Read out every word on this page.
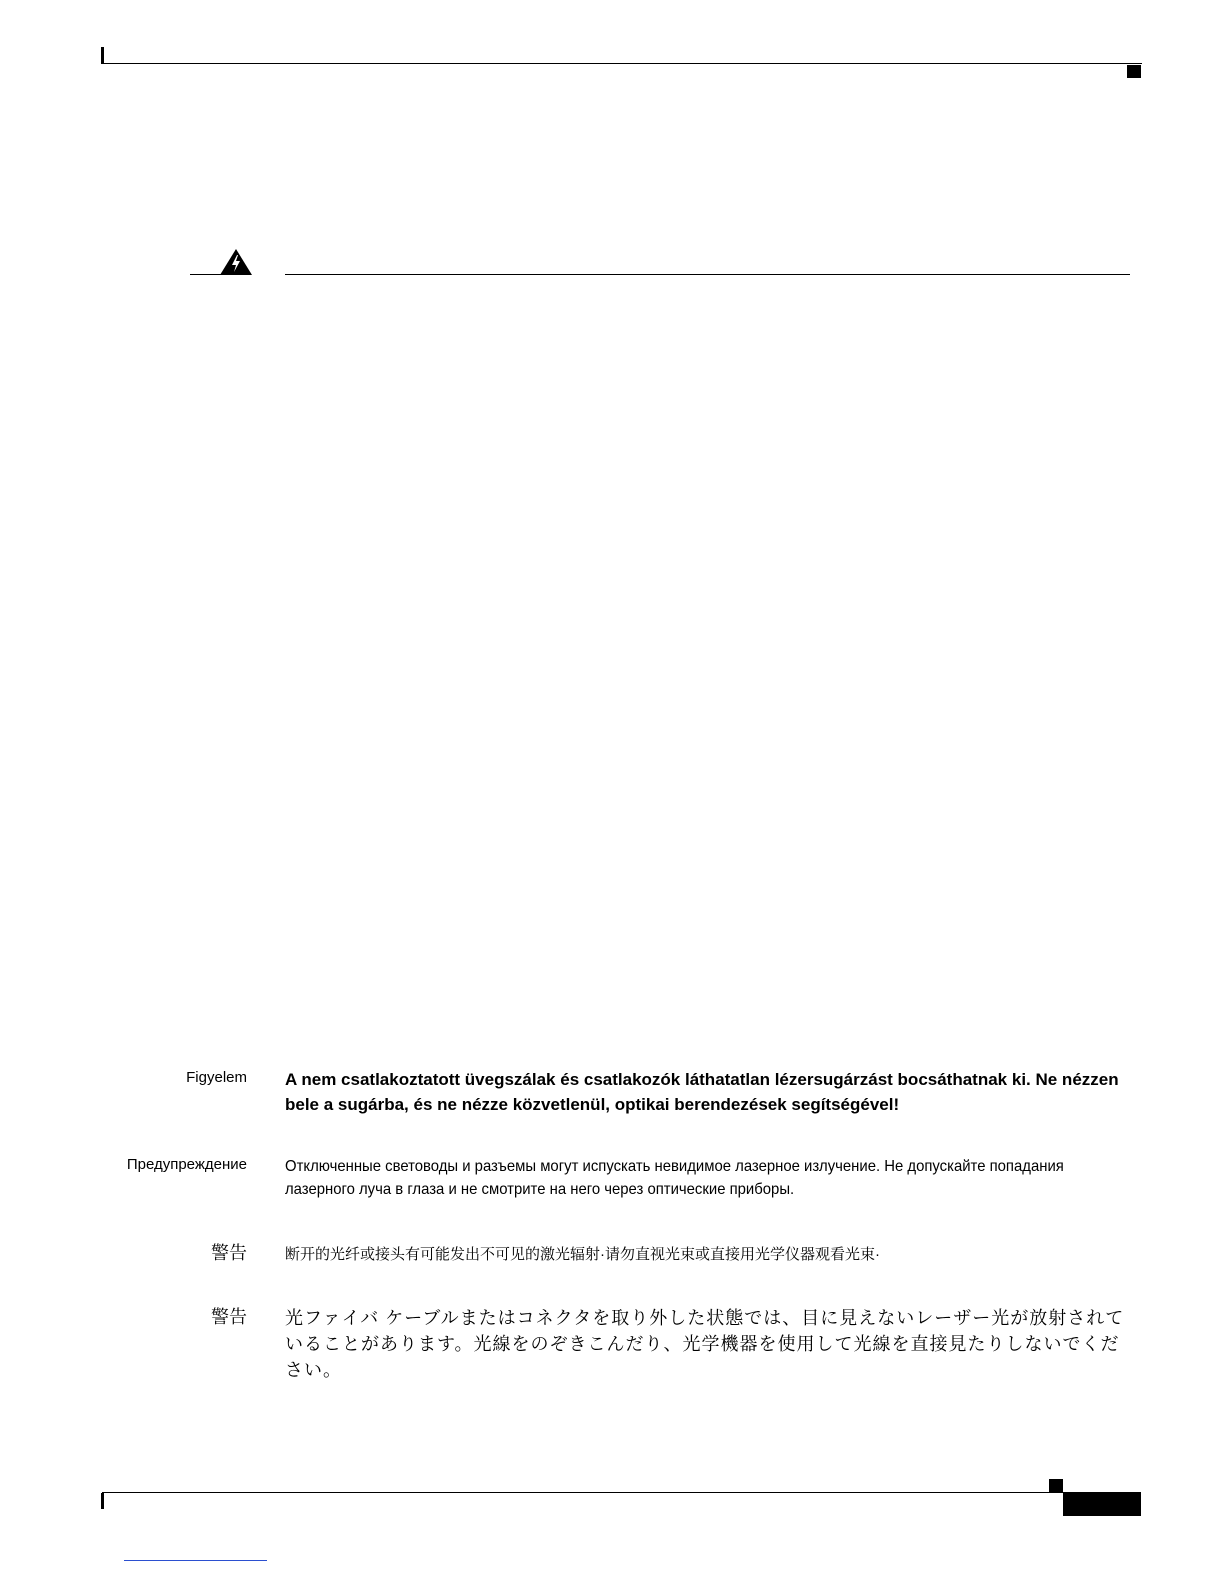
Figyelem A nem csatlakoztatott üvegszálak és csatlakozók láthatatlan lézersugárzást bocsáthatnak ki. Ne nézzen bele a sugárba, és ne nézze közvetlenül, optikai berendezések segítségével!
Предупреждение Отключенные световоды и разъемы могут испускать невидимое лазерное излучение. Не допускайте попадания лазерного луча в глаза и не смотрите на него через оптические приборы.
警告	断开的光纤或接头有可能发出不可见的激光辐射·请勿直视光束或直接用光学仪器观看光束·
警告 光ファイバ ケーブルまたはコネクタを取り外した状態では、目に見えないレーザー光が放射されていることがあります。光線をのぞきこんだり、光学機器を使用して光線を直接見たりしないでください。
